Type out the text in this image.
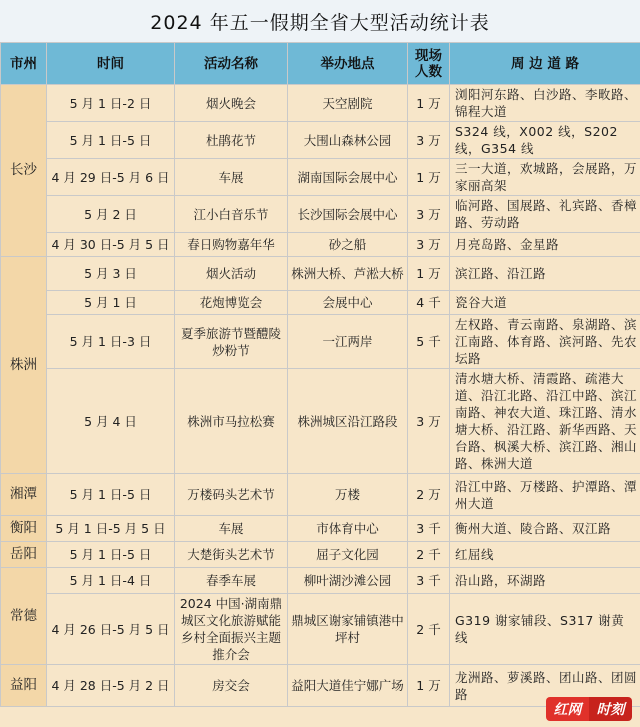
2024 年五一假期全省大型活动统计表
市州	时间	活动名称	举办地点	现场人数	周 边 道 路
长沙	5 月 1 日-2 日	烟火晚会	天空剧院	1 万	浏阳河东路、白沙路、李畋路、锦程大道
	5 月 1 日-5 日	杜鹃花节	大围山森林公园	3 万	S324 线，X002 线，S202 线，G354 线
	4 月 29 日-5 月 6 日	车展	湖南国际会展中心	1 万	三一大道，欢城路，会展路，万家丽高架
	5 月 2 日	江小白音乐节	长沙国际会展中心	3 万	临河路、国展路、礼宾路、香樟路、劳动路
	4 月 30 日-5 月 5 日	春日购物嘉年华	砂之船	3 万	月亮岛路、金星路
株洲	5 月 3 日	烟火活动	株洲大桥、芦淞大桥	1 万	滨江路、沿江路
	5 月 1 日	花炮博览会	会展中心	4 千	瓷谷大道
	5 月 1 日-3 日	夏季旅游节暨醴陵炒粉节	一江两岸	5 千	左权路、青云南路、泉湖路、滨江南路、体育路、滨河路、先农坛路
	5 月 4 日	株洲市马拉松赛	株洲城区沿江路段	3 万	清水塘大桥、清霞路、疏港大道、沿江北路、沿江中路、滨江南路、神农大道、珠江路、清水塘大桥、沿江路、新华西路、天台路、枫溪大桥、滨江路、湘山路、株洲大道
湘潭	5 月 1 日-5 日	万楼码头艺术节	万楼	2 万	沿江中路、万楼路、护潭路、潭州大道
衡阳	5 月 1 日-5 月 5 日	车展	市体育中心	3 千	衡州大道、陵合路、双江路
岳阳	5 月 1 日-5 日	大楚街头艺术节	屈子文化园	2 千	红屈线
常德	5 月 1 日-4 日	春季车展	柳叶湖沙滩公园	3 千	沿山路，环湖路
	4 月 26 日-5 月 5 日	2024 中国·湖南鼎城区文化旅游赋能乡村全面振兴主题推介会	鼎城区谢家铺镇港中坪村	2 千	G319 谢家铺段、S317 谢黄线
益阳	4 月 28 日-5 月 2 日	房交会	益阳大道佳宁娜广场	1 万	龙洲路、萝溪路、团山路、团圆路
红网	时刻
